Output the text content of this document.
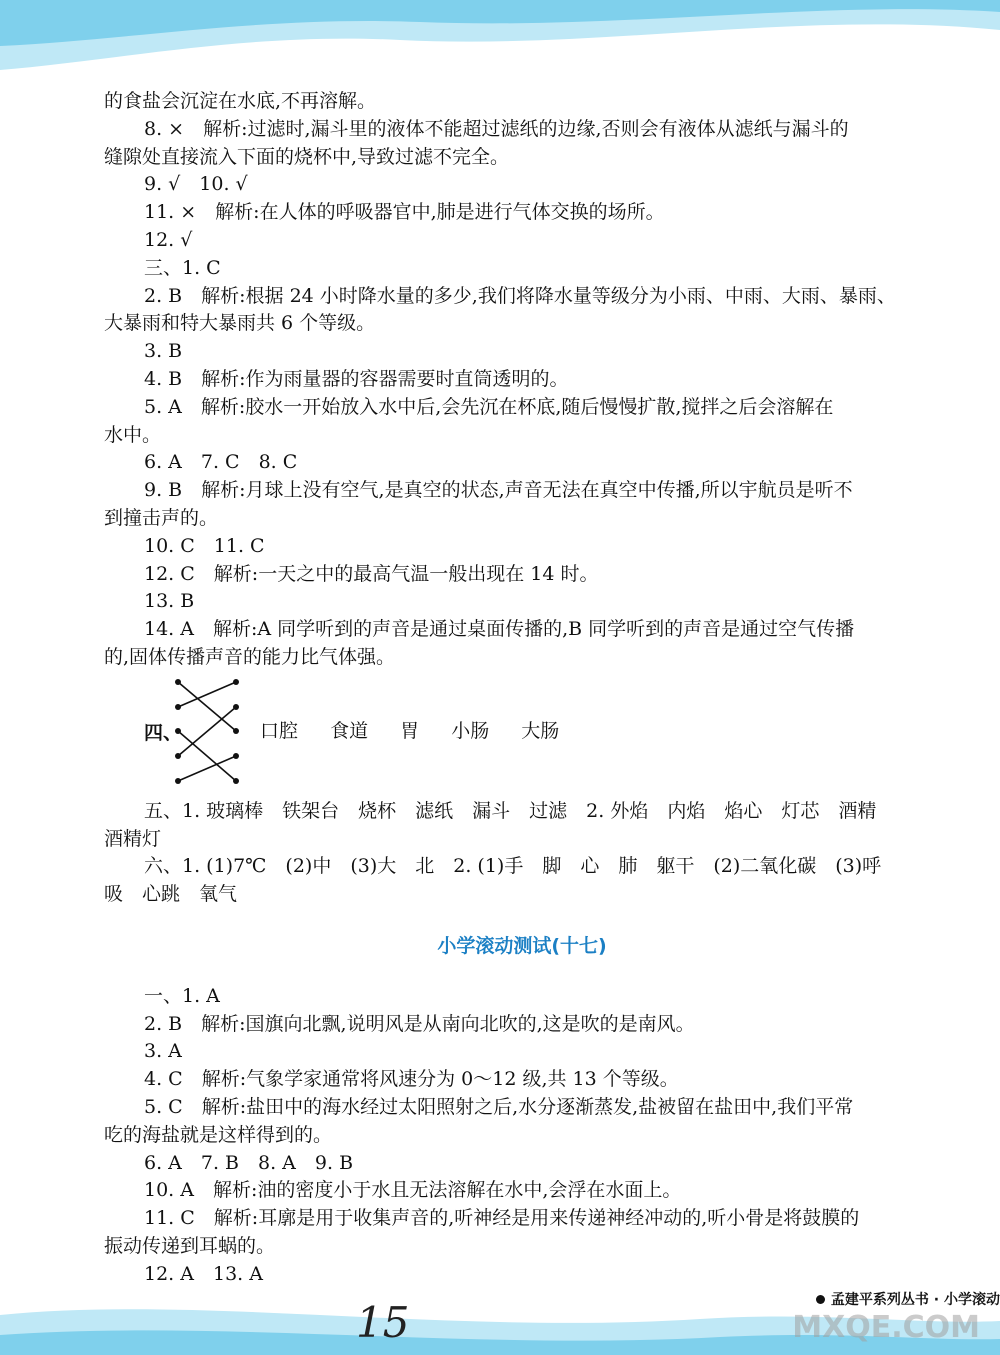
的食盐会沉淀在水底,不再溶解。
8. ×　解析:过滤时,漏斗里的液体不能超过滤纸的边缘,否则会有液体从滤纸与漏斗的
缝隙处直接流入下面的烧杯中,导致过滤不完全。
9. √　10. √
11. ×　解析:在人体的呼吸器官中,肺是进行气体交换的场所。
12. √
三、1. C
2. B　解析:根据 24 小时降水量的多少,我们将降水量等级分为小雨、中雨、大雨、暴雨、
大暴雨和特大暴雨共 6 个等级。
3. B
4. B　解析:作为雨量器的容器需要时直筒透明的。
5. A　解析:胶水一开始放入水中后,会先沉在杯底,随后慢慢扩散,搅拌之后会溶解在
水中。
6. A　7. C　8. C
9. B　解析:月球上没有空气,是真空的状态,声音无法在真空中传播,所以宇航员是听不
到撞击声的。
10. C　11. C
12. C　解析:一天之中的最高气温一般出现在 14 时。
13. B
14. A　解析:A 同学听到的声音是通过桌面传播的,B 同学听到的声音是通过空气传播
的,固体传播声音的能力比气体强。
四、	口腔 食道 胃 小肠 大肠
五、1. 玻璃棒　铁架台　烧杯　滤纸　漏斗　过滤　2. 外焰　内焰　焰心　灯芯　酒精
酒精灯
六、1. (1)7℃　(2)中　(3)大　北　2. (1)手　脚　心　肺　躯干　(2)二氧化碳　(3)呼
吸　心跳　氧气
小学滚动测试(十七)
一、1. A
2. B　解析:国旗向北飘,说明风是从南向北吹的,这是吹的是南风。
3. A
4. C　解析:气象学家通常将风速分为 0～12 级,共 13 个等级。
5. C　解析:盐田中的海水经过太阳照射之后,水分逐渐蒸发,盐被留在盐田中,我们平常
吃的海盐就是这样得到的。
6. A　7. B　8. A　9. B
10. A　解析:油的密度小于水且无法溶解在水中,会浮在水面上。
11. C　解析:耳廓是用于收集声音的,听神经是用来传递神经冲动的,听小骨是将鼓膜的
振动传递到耳蜗的。
12. A　13. A
孟建平系列丛书 · 小学滚动
15	MXQE.COM
